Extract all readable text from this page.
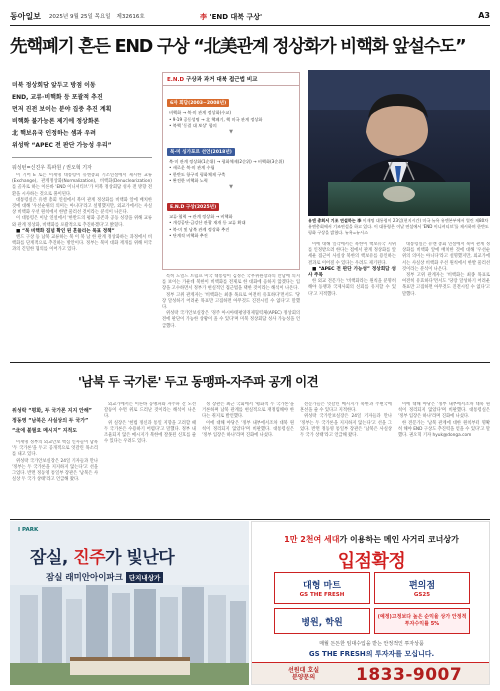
동아일보 2025년 9월 25일 목요일 제32616호	李 'END 대북 구상'	A3
先핵폐기 흔든 END 구상 “北美관계 정상화가 비핵화 앞설수도”
미북 정상회담 앞두고 방점 이동
END, 교류·비핵화 등 포괄적 추진
먼저 진전 보이는 분야 집중 추진 계획
비핵화 불가능론 제기에 정상화론
北 핵보유국 인정하는 셈과 우려
위성락 “APEC 전 판단 가능성 우리”
워싱턴=신진우 특파원 / 권오혁 기자

이 기어 E 토는 이재명 대통령이 유엔총회 기조연설에서 제시한 교류(Exchange), 관계정상화(Normalization), 비핵화(Denuclearization)를 골자로 하는 이른바 'END 이니셔티브'가 미북 정상회담 성사 전 방향 전환을 시사하는 것으로 풀이된다.

대통령실은 유엔 총회 연설에서 북미 관계 정상화를 비핵화 앞에 배치한 것에 대해 '우선순위의 의미는 아니다'라고 설명했지만, 외교가에서는 사실상 비핵화 우선 원칙에서 한발 물러선 것이라는 분석이 나온다.

이 대통령은 이날 연설에서 '한반도의 평화 공존과 공동 성장을 위해 교류와 관계 정상화, 비핵화를 포괄적으로 추진하겠다'고 밝혔다.

■ “북 비핵화 집념 확인 된 흔들리는 목표 정책”

엔드 구상 등 남북 교류하는 북 이 북 남 한 관계 정상화하는 과정에서 비핵화를 단계적으로 추진하는 방안이다. 정부는 북미 대화 재개를 위해 미국과의 긴밀한 협의를 이어가고 있다.

특히 도널드 트럼프 미국 대통령이 김정은 국무위원장과의 만남에 의지를 보이는 가운데 북한이 비핵화를 전제로 한 대화에 응하지 않겠다는 입장을 고수하면서 정부가 현실적인 접근법을 택한 것이라는 해석이 나온다.

정부 고위 관계자는 '비핵화는 최종 목표로 여전히 유효하다'면서도 '당장 달성하기 어려운 목표만 고집하면 아무것도 진전시킬 수 없다'고 말했다.

위성락 국가안보실장은 '경주 아시아태평양경제협력체(APEC) 정상회의 전에 판단이 가능한 상황이 올 수 있다'며 미북 정상회담 성사 가능성을 언급했다.

이에 대해 일각에서는 북한이 핵보유국 지위를 인정받으려 한다는 점에서 관계 정상화를 앞세운 접근이 사실상 북한의 핵보유를 용인하는 결과로 이어질 수 있다는 우려도 제기된다.

■ “APEC 전 판단 가능성” 정상회담 성사 주목

한 외교 전문가는 '비핵화라는 원칙을 분명히 해야 동맹과 국제사회의 신뢰를 유지할 수 있다'고 지적했다.

대통령실은 유엔 총회 연설에서 북미 관계 정상화를 비핵화 앞에 배치한 것에 대해 '우선순위의 의미는 아니다'라고 설명했지만, 외교가에서는 사실상 비핵화 우선 원칙에서 한발 물러선 것이라는 분석이 나온다.

정부 고위 관계자는 '비핵화는 최종 목표로 여전히 유효하다'면서도 '당장 달성하기 어려운 목표만 고집하면 아무것도 진전시킬 수 없다'고 말했다.

E.N.D 구상과 과거 대북 접근법 비교
6자 회담(2003~2008년)
비핵화 → 북·미 관계 정상화(수교)
• 9·19 공동성명 → 北 핵폐기, 핵 미국 관계 정상화
• 북핵 '동결 대 보상' 합의
▼
북·미 싱가포르 선언(2018년)
북·미 관계 정상화(1순위) → 평화체제(2순위) → 비핵화(3순위)
• 새로운 북·미 관계 수립
• 한반도 항구적 평화체제 구축
• 완전한 비핵화 노력
▼
E.N.D 구상(2025년)
교류·협력 → 관계 정상화 → 비핵화
• 개성공단·금강산 관광 재개 등 교류 확대
• 북·미 및 남북 관계 정상화 추진
• 단계적 비핵화 추진
유엔 총회서 기조 연설하는 李 이재명 대통령이 23일(현지시간) 미국 뉴욕 유엔본부에서 열린 제80차 유엔총회에서 기조연설을 하고 있다. 이 대통령은 이날 연설에서 'END 이니셔티브'를 제시하며 한반도 평화 구상을 밝혔다. 뉴욕=뉴시스
'남북 두 국가론' 두고 동맹파-자주파 공개 이견
위성락 “평화, 두 국가론 지지 안해”
정동영 “남북은 사실상의 두 국가”
“北에 불필요 메시지” 지적도

이재명 정부의 외교안보 핵심 인사들이 남북 '두 국가론'을 두고 공개적으로 엇갈린 목소리를 내고 있다.

위성락 국가안보실장은 24일 기자들과 만나 '정부는 두 국가론을 지지하지 않는다'고 선을 그었다. 반면 정동영 통일부 장관은 '남북은 사실상 두 국가 상태'라고 언급해 왔다.

외교가에서는 이른바 동맹파와 자주파 간 노선 갈등이 수면 위로 드러난 것이라는 해석이 나온다.

위 실장은 '헌법 정신과 통일 지향을 고려할 때 두 국가론은 수용하기 어렵다'고 말했다. 정부 내 조율되지 않은 메시지가 북한에 잘못된 신호를 줄 수 있다는 우려도 있다.

정 장관은 최근 국회에서 '평화적 두 국가론'을 거론하며 남북 관계를 현실적으로 재정립해야 한다는 취지로 발언했다.

이에 대해 야당은 '정부 내부에서조차 대북 원칙이 정리되지 않았다'며 비판했다. 대통령실은 '정부 입장은 하나'라며 진화에 나섰다.

전문가들은 엇갈린 메시지가 북한과 주변국에 혼선을 줄 수 있다고 지적한다.

위성락 국가안보실장은 24일 기자들과 만나 '정부는 두 국가론을 지지하지 않는다'고 선을 그었다. 반면 정동영 통일부 장관은 '남북은 사실상 두 국가 상태'라고 언급해 왔다.

이에 대해 야당은 '정부 내부에서조차 대북 원칙이 정리되지 않았다'며 비판했다. 대통령실은 '정부 입장은 하나'라며 진화에 나섰다.

한 전문가는 '남북 관계에 대한 원칙부터 명확히 해야 END 구상도 추진력을 얻을 수 있다'고 말했다. 권오혁 기자 hyuk@donga.com

I PARK
잠실, 진주가 빛난다
잠실 래미안아이파크 단지내상가
1만 2천여 세대가 이용하는 메인 사거리 코너상가
입점확정
대형 마트
GS THE FRESH
편의점
GS25
병원, 학원
(예정)고정보다 높은 순익율 상가 안정적 투자수익률 5%
매월 든든한 임대수입을 받는 안정적인 투자상품
GS THE FRESH의 투자자를 모십니다.
선원대 호실
분양문의 1833-9007
